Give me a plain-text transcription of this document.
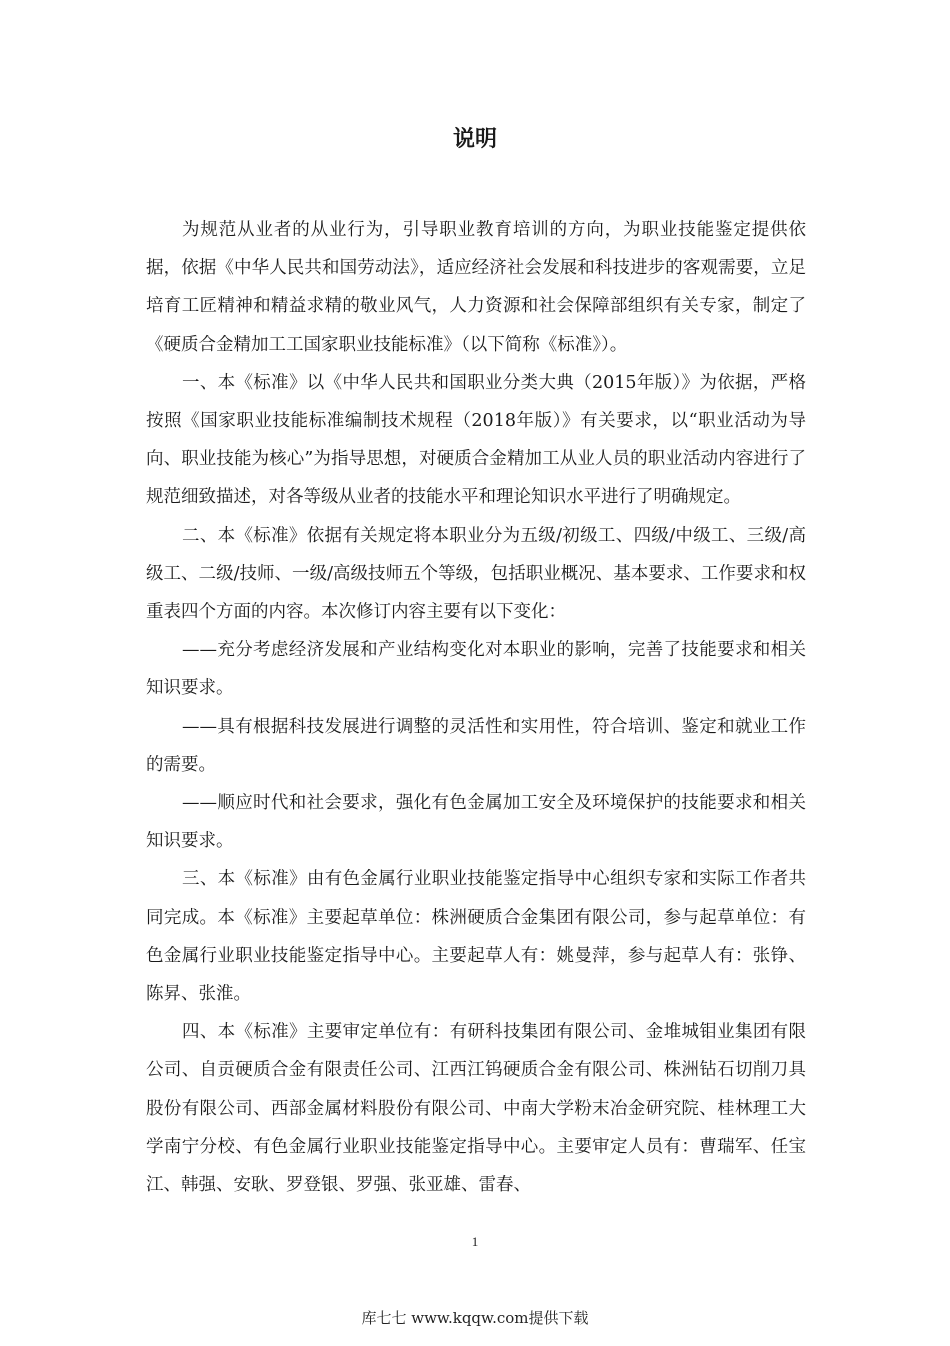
说明

为规范从业者的从业行为，引导职业教育培训的方向，为职业技能鉴定提供依据，依据《中华人民共和国劳动法》，适应经济社会发展和科技进步的客观需要，立足培育工匠精神和精益求精的敬业风气，人力资源和社会保障部组织有关专家，制定了《硬质合金精加工工国家职业技能标准》（以下简称《标准》）。

一、本《标准》以《中华人民共和国职业分类大典（2015年版）》为依据，严格按照《国家职业技能标准编制技术规程（2018年版）》有关要求，以“职业活动为导向、职业技能为核心”为指导思想，对硬质合金精加工从业人员的职业活动内容进行了规范细致描述，对各等级从业者的技能水平和理论知识水平进行了明确规定。

二、本《标准》依据有关规定将本职业分为五级/初级工、四级/中级工、三级/高级工、二级/技师、一级/高级技师五个等级，包括职业概况、基本要求、工作要求和权重表四个方面的内容。本次修订内容主要有以下变化：

——充分考虑经济发展和产业结构变化对本职业的影响，完善了技能要求和相关知识要求。

——具有根据科技发展进行调整的灵活性和实用性，符合培训、鉴定和就业工作的需要。

——顺应时代和社会要求，强化有色金属加工安全及环境保护的技能要求和相关知识要求。

三、本《标准》由有色金属行业职业技能鉴定指导中心组织专家和实际工作者共同完成。本《标准》主要起草单位：株洲硬质合金集团有限公司，参与起草单位：有色金属行业职业技能鉴定指导中心。主要起草人有：姚曼萍，参与起草人有：张铮、陈昇、张淮。

四、本《标准》主要审定单位有：有研科技集团有限公司、金堆城钼业集团有限公司、自贡硬质合金有限责任公司、江西江钨硬质合金有限公司、株洲钻石切削刀具股份有限公司、西部金属材料股份有限公司、中南大学粉末冶金研究院、桂林理工大学南宁分校、有色金属行业职业技能鉴定指导中心。主要审定人员有：曹瑞军、任宝江、韩强、安耿、罗登银、罗强、张亚雄、雷春、

1
库七七 www.kqqw.com提供下载
